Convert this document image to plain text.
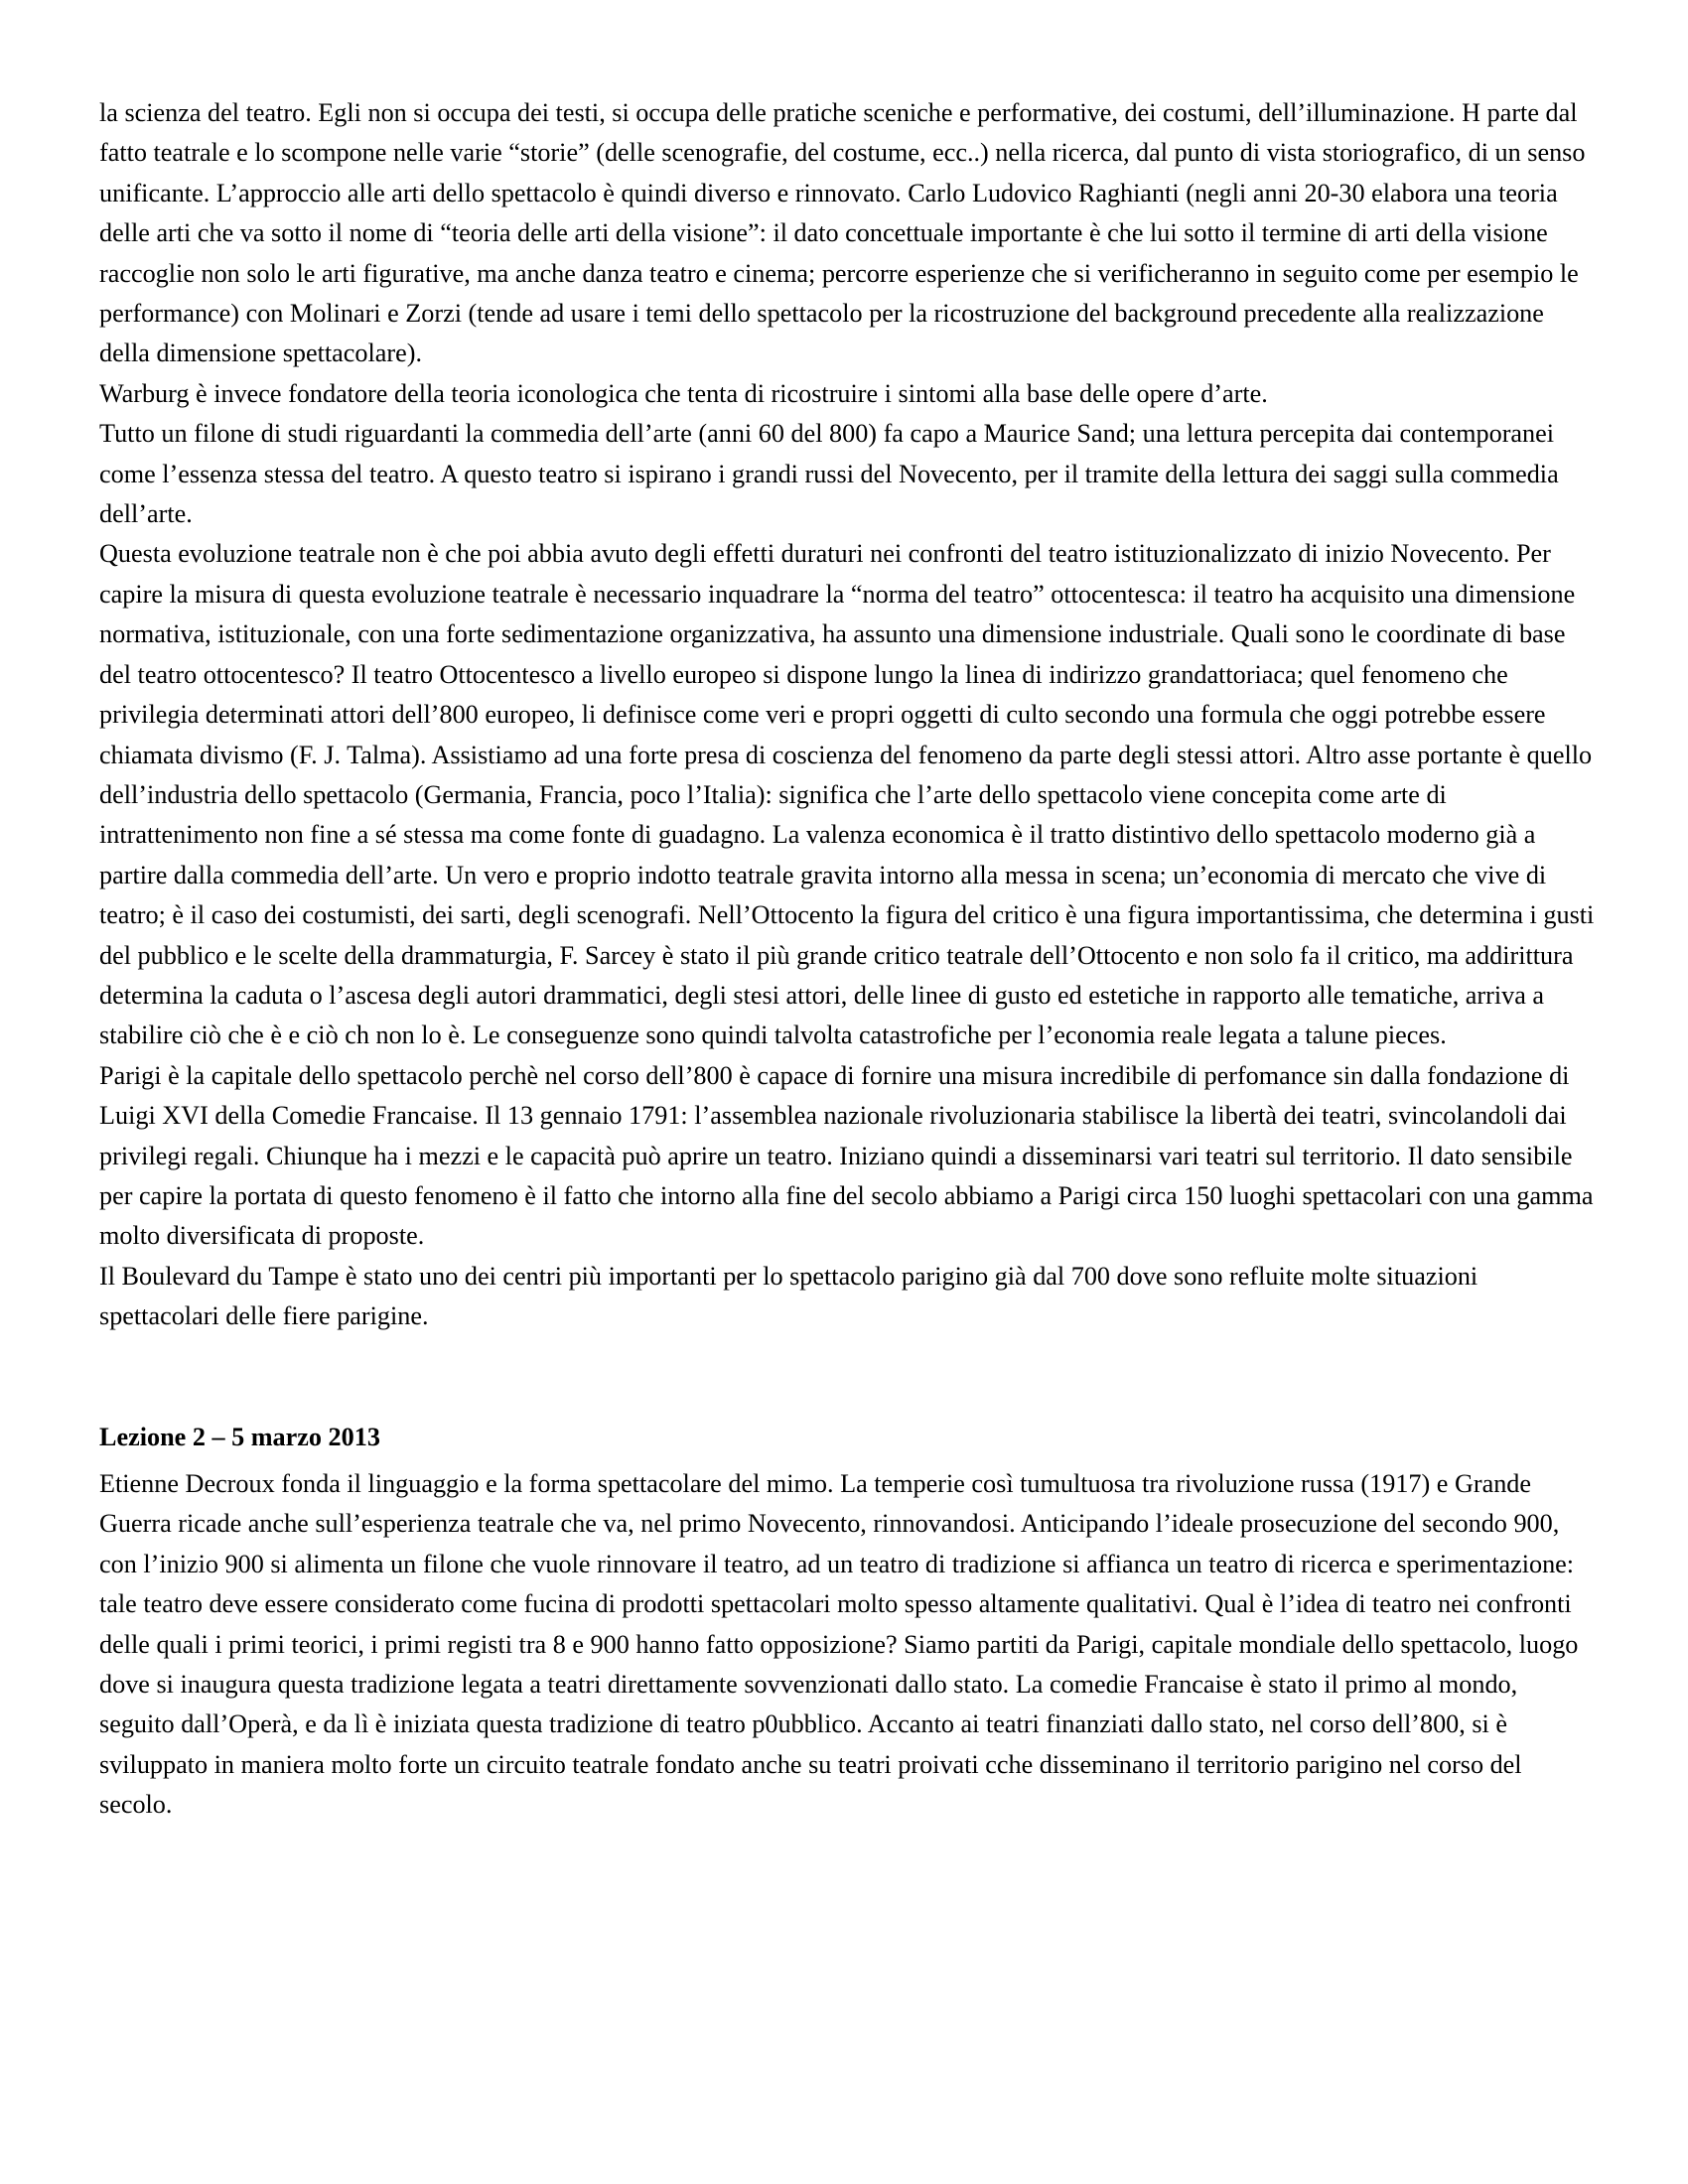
la scienza del teatro. Egli non si occupa dei testi, si occupa delle pratiche sceniche e performative, dei costumi, dell’illuminazione. H parte dal fatto teatrale e lo scompone nelle varie “storie” (delle scenografie, del costume, ecc..) nella ricerca, dal punto di vista storiografico, di un senso unificante. L’approccio alle arti dello spettacolo è quindi diverso e rinnovato. Carlo Ludovico Raghianti (negli anni 20-30 elabora una teoria delle arti che va sotto il nome di “teoria delle arti della visione”: il dato concettuale importante è che lui sotto il termine di arti della visione raccoglie non solo le arti figurative, ma anche danza teatro e cinema; percorre esperienze che si verificheranno in seguito come per esempio le performance) con Molinari e Zorzi (tende ad usare i temi dello spettacolo per la ricostruzione del background precedente alla realizzazione della dimensione spettacolare).

Warburg è invece fondatore della teoria iconologica che tenta di ricostruire i sintomi alla base delle opere d’arte.

Tutto un filone di studi riguardanti la commedia dell’arte (anni 60 del 800) fa capo a Maurice Sand; una lettura percepita dai contemporanei come l’essenza stessa del teatro. A questo teatro si ispirano i grandi russi del Novecento, per il tramite della lettura dei saggi sulla commedia dell’arte.

Questa evoluzione teatrale non è che poi abbia avuto degli effetti duraturi nei confronti del teatro istituzionalizzato di inizio Novecento. Per capire la misura di questa evoluzione teatrale è necessario inquadrare la “norma del teatro” ottocentesca: il teatro ha acquisito una dimensione normativa, istituzionale, con una forte sedimentazione organizzativa, ha assunto una dimensione industriale. Quali sono le coordinate di base del teatro ottocentesco? Il teatro Ottocentesco a livello europeo si dispone lungo la linea di indirizzo grandattoriaca; quel fenomeno che privilegia determinati attori dell’800 europeo, li definisce come veri e propri oggetti di culto secondo una formula che oggi potrebbe essere chiamata divismo (F. J. Talma). Assistiamo ad una forte presa di coscienza del fenomeno da parte degli stessi attori. Altro asse portante è quello dell’industria dello spettacolo (Germania, Francia, poco l’Italia): significa che l’arte dello spettacolo viene concepita come arte di intrattenimento non fine a sé stessa ma come fonte di guadagno. La valenza economica è il tratto distintivo dello spettacolo moderno già a partire dalla commedia dell’arte. Un vero e proprio indotto teatrale gravita intorno alla messa in scena; un’economia di mercato che vive di teatro; è il caso dei costumisti, dei sarti, degli scenografi. Nell’Ottocento la figura del critico è una figura importantissima, che determina i gusti del pubblico e le scelte della drammaturgia, F. Sarcey è stato il più grande critico teatrale dell’Ottocento e non solo fa il critico, ma addirittura determina la caduta o l’ascesa degli autori drammatici, degli stesi attori, delle linee di gusto ed estetiche in rapporto alle tematiche, arriva a stabilire ciò che è e ciò ch non lo è. Le conseguenze sono quindi talvolta catastrofiche per l’economia reale legata a talune pieces.

Parigi è la capitale dello spettacolo perchè nel corso dell’800 è capace di fornire una misura incredibile di perfomance sin dalla fondazione di Luigi XVI della Comedie Francaise. Il 13 gennaio 1791: l’assemblea nazionale rivoluzionaria stabilisce la libertà dei teatri, svincolandoli dai privilegi regali. Chiunque ha i mezzi e le capacità può aprire un teatro. Iniziano quindi a disseminarsi vari teatri sul territorio. Il dato sensibile per capire la portata di questo fenomeno è il fatto che intorno alla fine del secolo abbiamo a Parigi circa 150 luoghi spettacolari con una gamma molto diversificata di proposte.

Il Boulevard du Tampe è stato uno dei centri più importanti per lo spettacolo parigino già dal 700 dove sono refluite molte situazioni spettacolari delle fiere parigine.

Lezione 2 – 5 marzo 2013

Etienne Decroux fonda il linguaggio e la forma spettacolare del mimo. La temperie così tumultuosa tra rivoluzione russa (1917) e Grande Guerra ricade anche sull’esperienza teatrale che va, nel primo Novecento, rinnovandosi. Anticipando l’ideale prosecuzione del secondo 900, con l’inizio 900 si alimenta un filone che vuole rinnovare il teatro, ad un teatro di tradizione si affianca un teatro di ricerca e sperimentazione: tale teatro deve essere considerato come fucina di prodotti spettacolari molto spesso altamente qualitativi. Qual è l’idea di teatro nei confronti delle quali i primi teorici, i primi registi tra 8 e 900 hanno fatto opposizione? Siamo partiti da Parigi, capitale mondiale dello spettacolo, luogo dove si inaugura questa tradizione legata a teatri direttamente sovvenzionati dallo stato. La comedie Francaise è stato il primo al mondo, seguito dall’Operà, e da lì è iniziata questa tradizione di teatro p0ubblico. Accanto ai teatri finanziati dallo stato, nel corso dell’800, si è sviluppato in maniera molto forte un circuito teatrale fondato anche su teatri proivati cche disseminano il territorio parigino nel corso del secolo.
